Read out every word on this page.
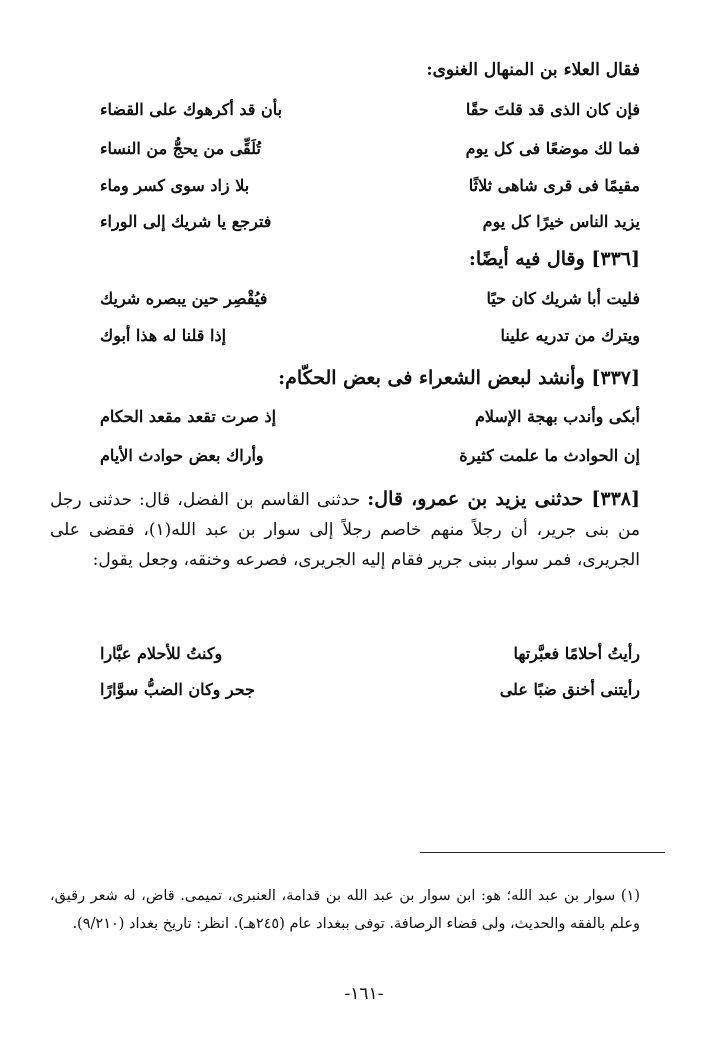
فقال العلاء بن المنهال الغنوى:
فإن كان الذى قد قلتَ حقًا
بأن قد أكرهوك على القضاء
فما لك موضعًا فى كل يوم
تُلَقِّى من يحجُّ من النساء
مقيمًا فى قرى شاهى ثلاثًا
بلا زاد سوى كسر وماء
يزيد الناس خيرًا كل يوم
فترجع يا شريك إلى الوراء
[٣٣٦] وقال فيه أيضًا:
فليت أبا شريك كان حيًا
فيُقْصِر حين يبصره شريك
ويترك من تدريه علينا
إذا قلنا له هذا أبوك
[٣٣٧] وأنشد لبعض الشعراء فى بعض الحكّام:
أبكى وأندب بهجة الإسلام
إذ صرت تقعد مقعد الحكام
إن الحوادث ما علمت كثيرة
وأراك بعض حوادث الأيام

[٣٣٨] حدثنى يزيد بن عمرو، قال: حدثنى القاسم بن الفضل، قال: حدثنى رجل من بنى جرير، أن رجلاً منهم خاصم رجلاً إلى سوار بن عبد الله(١)، فقضى على الجريرى، فمر سوار ببنى جرير فقام إليه الجريرى، فصرعه وخنقه، وجعل يقول:

رأيتُ أحلامًا فعبَّرتها
وكنتُ للأحلام عبَّارا
رأيتنى أخنق ضبًا على
جحر وكان الضبُّ سوَّارًا

(١) سوار بن عبد الله؛ هو: ابن سوار بن عبد الله بن قدامة، العنبرى، تميمى. قاض، له شعر رقيق، وعلم بالفقه والحديث، ولى قضاء الرصافة. توفى ببغداد عام (٢٤٥هـ). انظر: تاريخ بغداد (٩/٢١٠).

-١٦١-
